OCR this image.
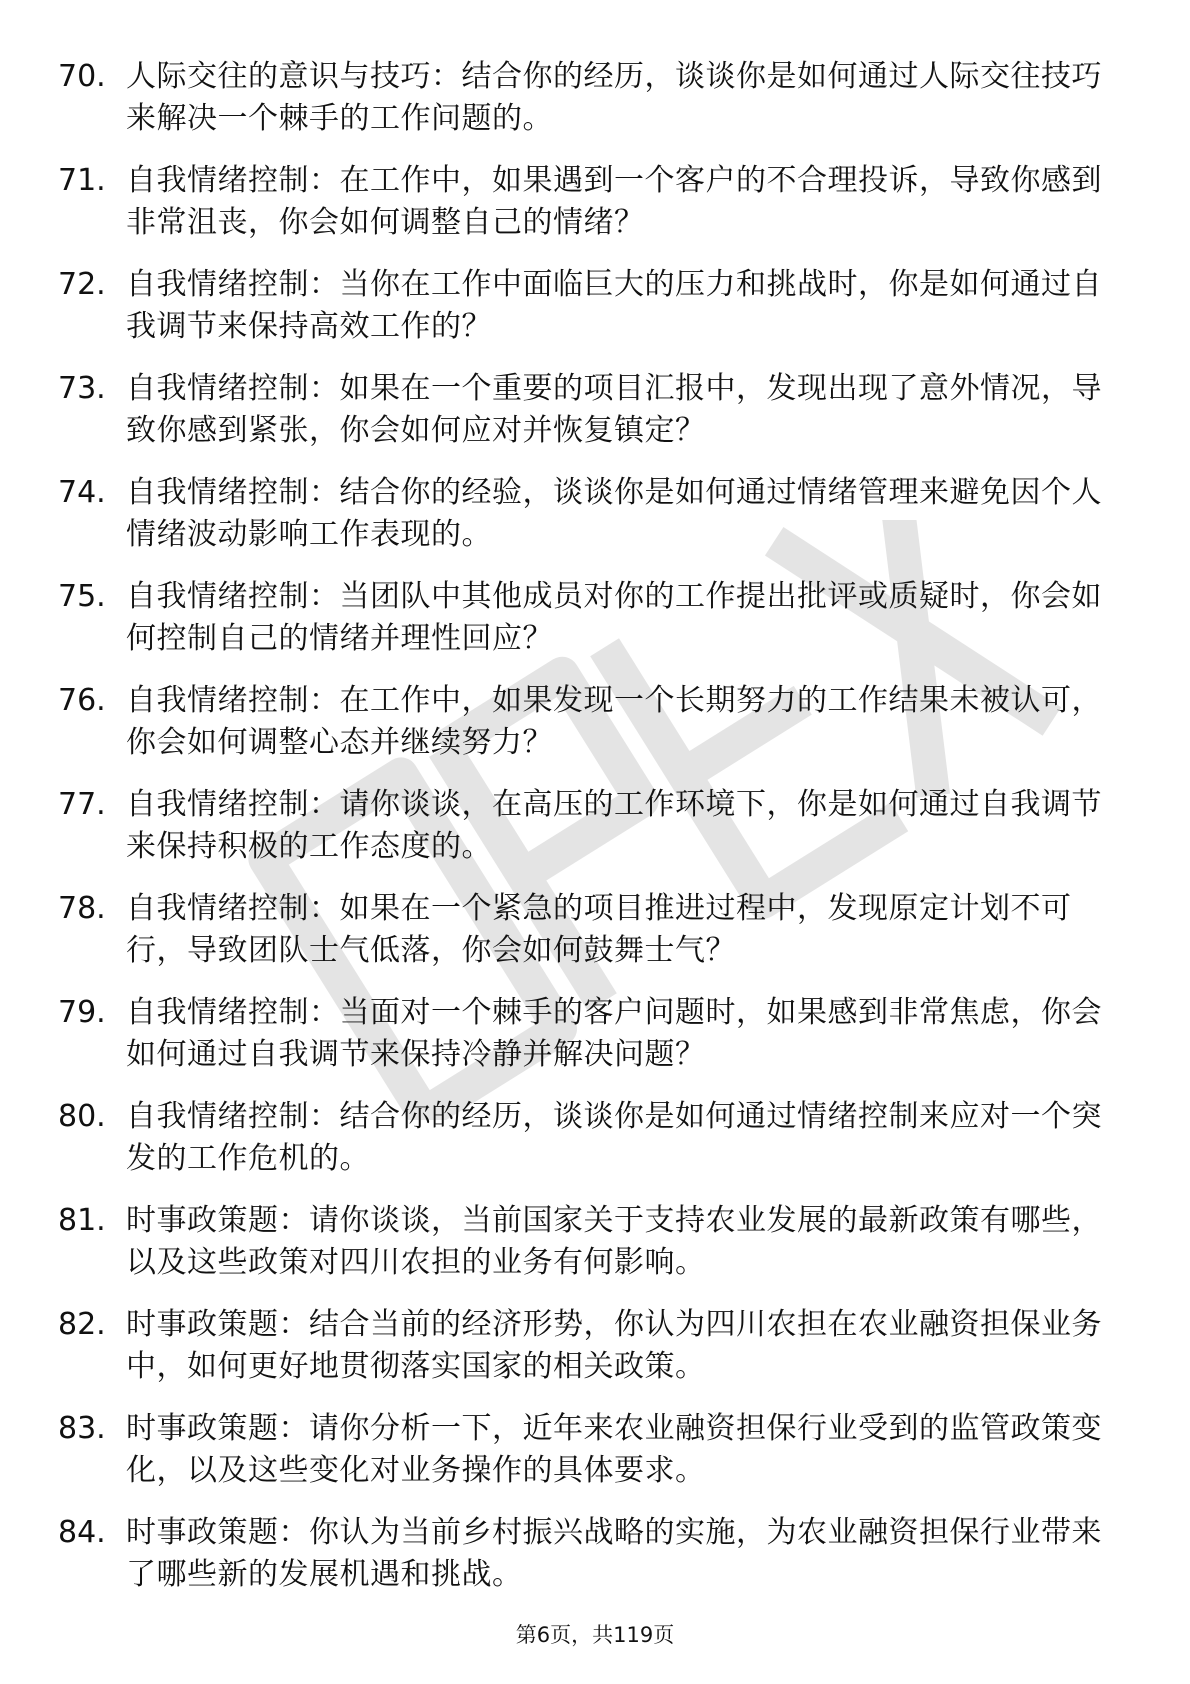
70. 人际交往的意识与技巧：结合你的经历，谈谈你是如何通过人际交往技巧来解决一个棘手的工作问题的。
71. 自我情绪控制：在工作中，如果遇到一个客户的不合理投诉，导致你感到非常沮丧，你会如何调整自己的情绪？
72. 自我情绪控制：当你在工作中面临巨大的压力和挑战时，你是如何通过自我调节来保持高效工作的？
73. 自我情绪控制：如果在一个重要的项目汇报中，发现出现了意外情况，导致你感到紧张，你会如何应对并恢复镇定？
74. 自我情绪控制：结合你的经验，谈谈你是如何通过情绪管理来避免因个人情绪波动影响工作表现的。
75. 自我情绪控制：当团队中其他成员对你的工作提出批评或质疑时，你会如何控制自己的情绪并理性回应？
76. 自我情绪控制：在工作中，如果发现一个长期努力的工作结果未被认可，你会如何调整心态并继续努力？
77. 自我情绪控制：请你谈谈，在高压的工作环境下，你是如何通过自我调节来保持积极的工作态度的。
78. 自我情绪控制：如果在一个紧急的项目推进过程中，发现原定计划不可行，导致团队士气低落，你会如何鼓舞士气？
79. 自我情绪控制：当面对一个棘手的客户问题时，如果感到非常焦虑，你会如何通过自我调节来保持冷静并解决问题？
80. 自我情绪控制：结合你的经历，谈谈你是如何通过情绪控制来应对一个突发的工作危机的。
81. 时事政策题：请你谈谈，当前国家关于支持农业发展的最新政策有哪些，以及这些政策对四川农担的业务有何影响。
82. 时事政策题：结合当前的经济形势，你认为四川农担在农业融资担保业务中，如何更好地贯彻落实国家的相关政策。
83. 时事政策题：请你分析一下，近年来农业融资担保行业受到的监管政策变化，以及这些变化对业务操作的具体要求。
84. 时事政策题：你认为当前乡村振兴战略的实施，为农业融资担保行业带来了哪些新的发展机遇和挑战。
第6页，共119页
